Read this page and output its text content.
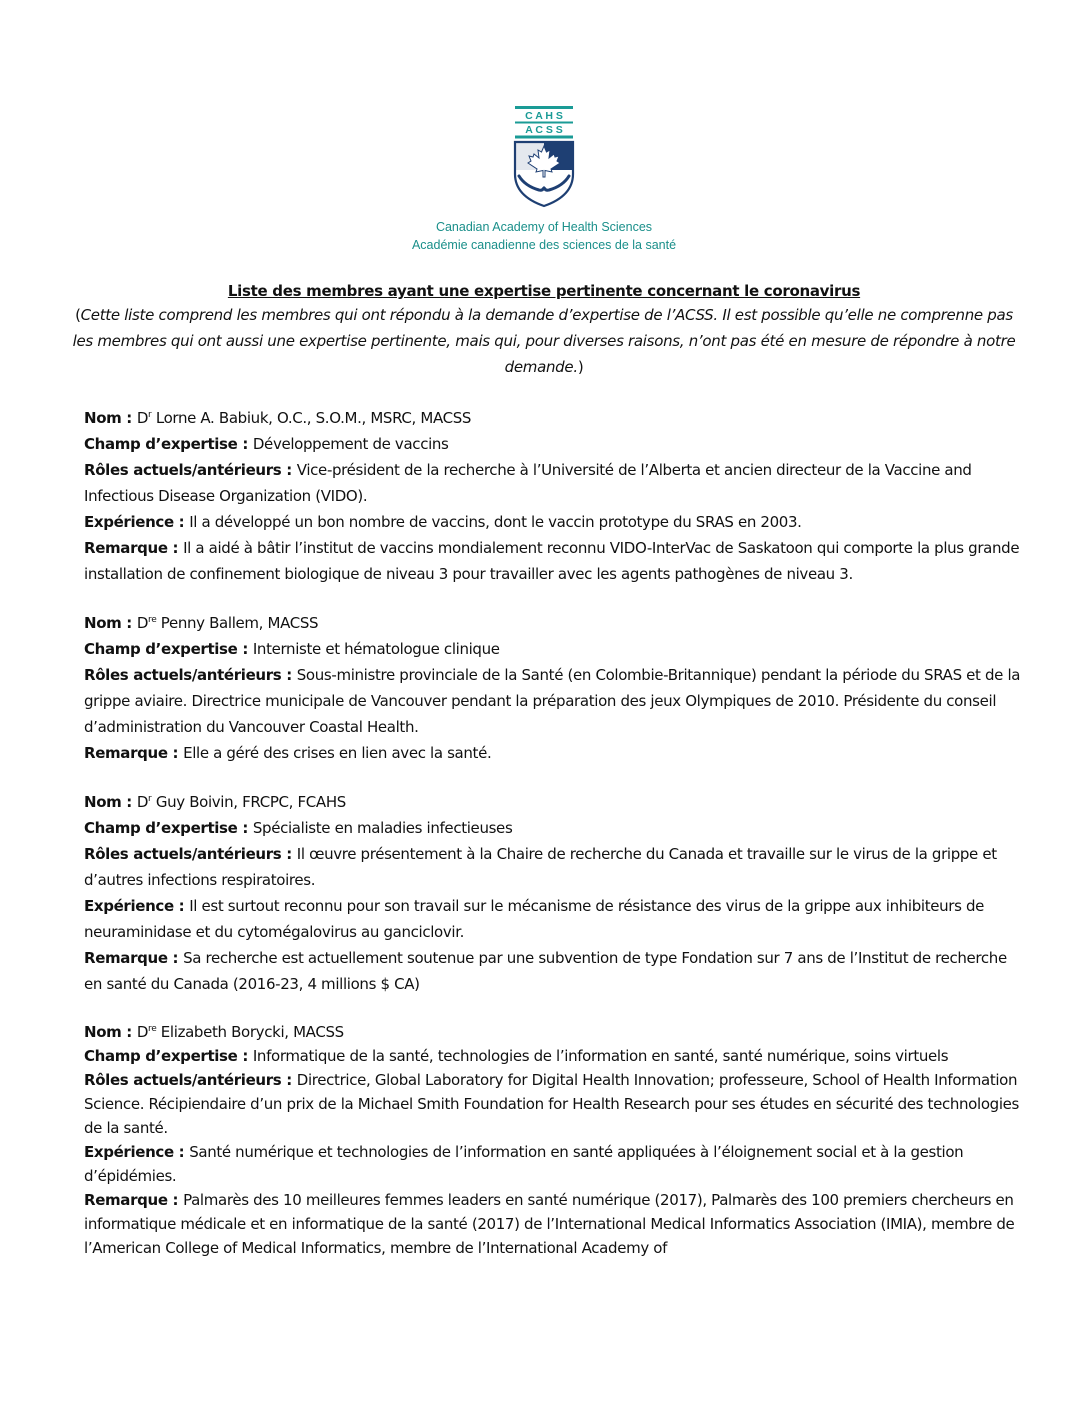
C A H S
A C S S
Canadian Academy of Health Sciences
Académie canadienne des sciences de la santé
Liste des membres ayant une expertise pertinente concernant le coronavirus
(Cette liste comprend les membres qui ont répondu à la demande d’expertise de l’ACSS. Il est possible qu’elle ne comprenne pas les membres qui ont aussi une expertise pertinente, mais qui, pour diverses raisons, n’ont pas été en mesure de répondre à notre demande.)

Nom : $D^r$ Lorne A. Babiuk, O.C., S.O.M., MSRC, MACSS

Champ d’expertise : Développement de vaccins

Rôles actuels/antérieurs : Vice-président de la recherche à l’Université de l’Alberta et ancien directeur de la Vaccine and Infectious Disease Organization (VIDO).

Expérience : Il a développé un bon nombre de vaccins, dont le vaccin prototype du SRAS en 2003.

Remarque : Il a aidé à bâtir l’institut de vaccins mondialement reconnu VIDO-InterVac de Saskatoon qui comporte la plus grande installation de confinement biologique de niveau 3 pour travailler avec les agents pathogènes de niveau 3.

Nom : Dre Penny Ballem, MACSS

Champ d’expertise : Interniste et hématologue clinique

Rôles actuels/antérieurs : Sous-ministre provinciale de la Santé (en Colombie-Britannique) pendant la période du SRAS et de la grippe aviaire. Directrice municipale de Vancouver pendant la préparation des jeux Olympiques de 2010. Présidente du conseil d’administration du Vancouver Coastal Health.

Remarque : Elle a géré des crises en lien avec la santé.

Nom : $D^r$ Guy Boivin, FRCPC, FCAHS

Champ d’expertise : Spécialiste en maladies infectieuses

Rôles actuels/antérieurs : Il œuvre présentement à la Chaire de recherche du Canada et travaille sur le virus de la grippe et d’autres infections respiratoires.

Expérience : Il est surtout reconnu pour son travail sur le mécanisme de résistance des virus de la grippe aux inhibiteurs de neuraminidase et du cytomégalovirus au ganciclovir.

Remarque : Sa recherche est actuellement soutenue par une subvention de type Fondation sur 7 ans de l’Institut de recherche en santé du Canada (2016-23, 4 millions $ CA)

Nom : Dre Elizabeth Borycki, MACSS

Champ d’expertise : Informatique de la santé, technologies de l’information en santé, santé numérique, soins virtuels

Rôles actuels/antérieurs : Directrice, Global Laboratory for Digital Health Innovation; professeure, School of Health Information Science. Récipiendaire d’un prix de la Michael Smith Foundation for Health Research pour ses études en sécurité des technologies de la santé.

Expérience : Santé numérique et technologies de l’information en santé appliquées à l’éloignement social et à la gestion d’épidémies.

Remarque : Palmarès des 10 meilleures femmes leaders en santé numérique (2017), Palmarès des 100 premiers chercheurs en informatique médicale et en informatique de la santé (2017) de l’International Medical Informatics Association (IMIA), membre de l’American College of Medical Informatics, membre de l’International Academy of
